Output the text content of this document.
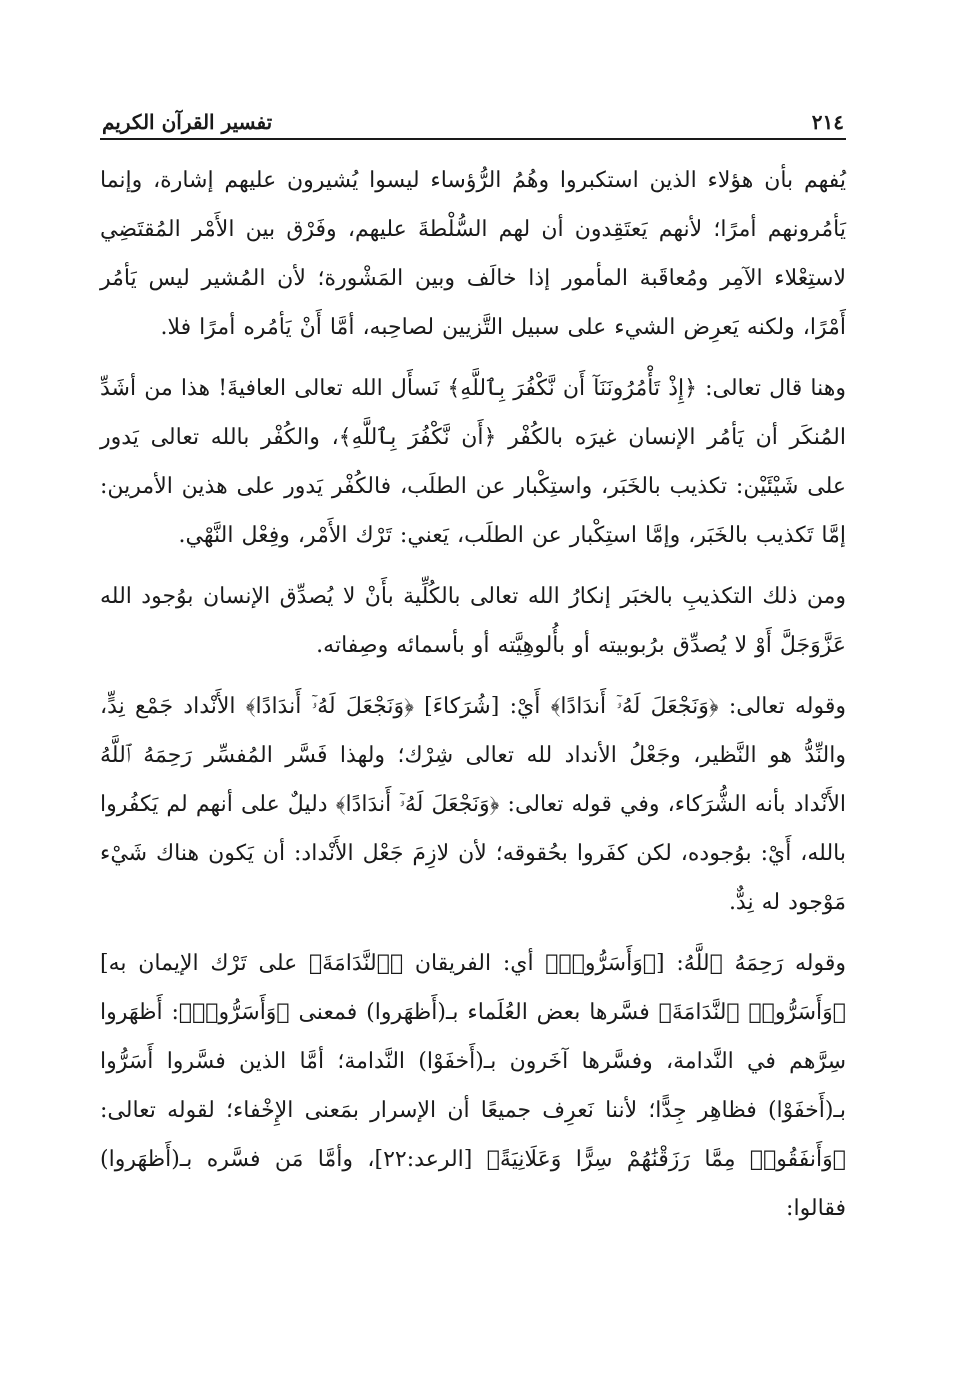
٢١٤
تفسير القرآن الكريم

يُفهم بأن هؤلاء الذين استكبروا وهُمُ الرُّؤساء ليسوا يُشيرون عليهم إشارة، وإنما يَأمُرونهم أمرًا؛ لأنهم يَعتَقِدون أن لهم السُّلْطةَ عليهم، وفَرْق بين الأَمْر المُقتَضِي لاستِعْلاء الآمِر ومُعاقَبة المأمور إذا خالَف وبين المَشْورة؛ لأن المُشير ليس يَأمُر أَمْرًا، ولكنه يَعرِض الشيء على سبيل التَّزيين لصاحِبه، أمَّا أَنْ يَأمُره أمرًا فلا.

وهنا قال تعالى: ﴿إِذْ تَأْمُرُونَنَآ أَن نَّكْفُرَ بِٱللَّهِ﴾ نَسأَل الله تعالى العافيةَ! هذا من أشَدِّ المُنكَر أن يَأمُر الإنسان غيرَه بالكُفْر ﴿أَن نَّكْفُرَ بِٱللَّهِ﴾، والكُفْر بالله تعالى يَدور على شَيْئَيْن: تكذيب بالخَبَر، واستِكْبار عن الطلَب، فالكُفْر يَدور على هذين الأمرين: إمَّا تَكذيب بالخَبَر، وإمَّا استِكْبار عن الطلَب، يَعني: تَرْك الأَمْر، وفِعْل النَّهْي.

ومن ذلك التكذيبِ بالخبَر إنكارُ الله تعالى بالكُلِّية بأَنْ لا يُصدِّق الإنسان بوُجود الله عَزَّوَجَلَّ أَوْ لا يُصدِّق برُبوبيته أو بأُلوهِيَّته أو بأسمائه وصِفاته.

وقوله تعالى: ﴿وَنَجْعَلَ لَهُۥٓ أَندَادًا﴾ أَيْ: [شُرَكاءَ] ﴿وَنَجْعَلَ لَهُۥٓ أَندَادًا﴾ الأَنْداد جَمْع نِدٍّ، والنِّدُّ هو النَّظير، وجَعْلُ الأنداد لله تعالى شِرْك؛ ولهذا فَسَّر المُفسِّر رَحِمَهُ ٱللَّهُ الأَنْداد بأنه الشُّرَكاء، وفي قوله تعالى: ﴿وَنَجْعَلَ لَهُۥٓ أَندَادًا﴾ دليلٌ على أنهم لم يَكفُروا بالله، أَيْ: بوُجوده، لكن كفَروا بحُقوقه؛ لأن لازِمَ جَعْل الأَنْداد: أن يَكون هناك شَيْء مَوْجود له نِدٌّ.

وقوله رَحِمَهُ ٱللَّهُ: [﴿وَأَسَرُّوا۟﴾ أي: الفريقان ﴿ٱلنَّدَامَةَ﴾ على تَرْك الإيمان به] ﴿وَأَسَرُّوا۟ ٱلنَّدَامَةَ﴾ فسَّرها بعض العُلَماء بـ(أَظهَروا) فمعنى ﴿وَأَسَرُّوا۟﴾: أَظهَروا سِرَّهم في النَّدامة، وفسَّرها آخَرون بـ(أَخفَوْا) النَّدامة؛ أمَّا الذين فسَّروا أَسَرُّوا بـ(أَخفَوْا) فظاهِر جِدًّا؛ لأننا نَعرِف جميعًا أن الإسرار بمَعنى الإِخْفاء؛ لقوله تعالى: ﴿وَأَنفَقُوا۟ مِمَّا رَزَقْنَٰهُمْ سِرًّا وَعَلَانِيَةً﴾ [الرعد:٢٢]، وأمَّا مَن فسَّره بـ(أَظهَروا) فقالوا:
